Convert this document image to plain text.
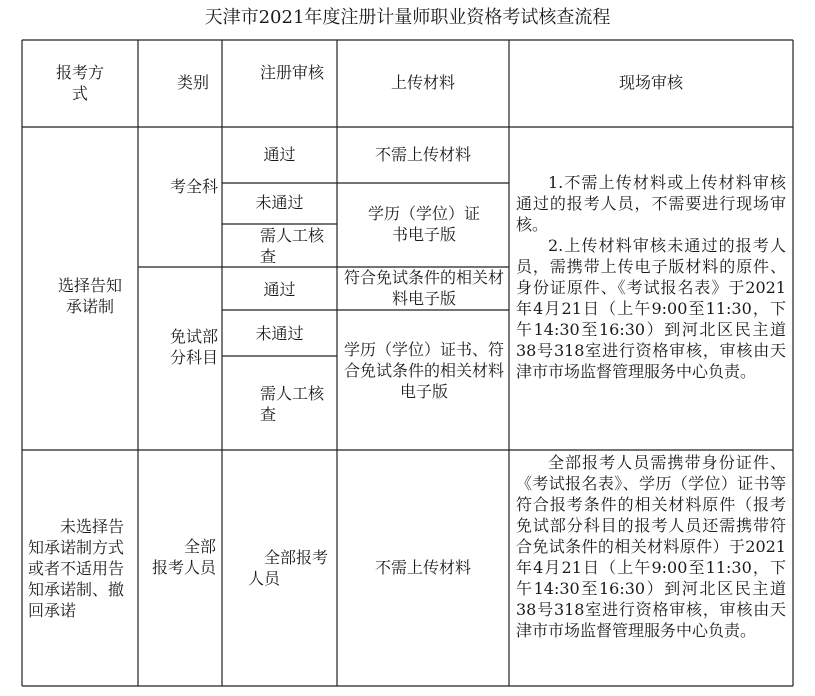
天津市2021年度注册计量师职业资格考试核查流程
报考方式
类别
注册审核
上传材料	现场审核
选择告知承诺制
考全科
通过	不需上传材料
未通过
需人工核查
学历（学位）证书电子版
免试部分科目
通过
符合免试条件的相关材料电子版
未通过
需人工核查
学历（学位）证书、符合免试条件的相关材料电子版
1.不需上传材料或上传材料审核通过的报考人员，不需要进行现场审核。
2.上传材料审核未通过的报考人员，需携带上传电子版材料的原件、身份证原件、《考试报名表》于2021年4月21日（上午9:00至11:30，下午14:30至16:30）到河北区民主道38号318室进行资格审核，审核由天津市市场监督管理服务中心负责。
未选择告知承诺制方式或者不适用告知承诺制、撤回承诺
全部报考人员
全部报考人员
不需上传材料
全部报考人员需携带身份证件、《考试报名表》、学历（学位）证书等符合报考条件的相关材料原件（报考免试部分科目的报考人员还需携带符合免试条件的相关材料原件）于2021年4月21日（上午9:00至11:30，下午14:30至16:30）到河北区民主道38号318室进行资格审核，审核由天津市市场监督管理服务中心负责。
